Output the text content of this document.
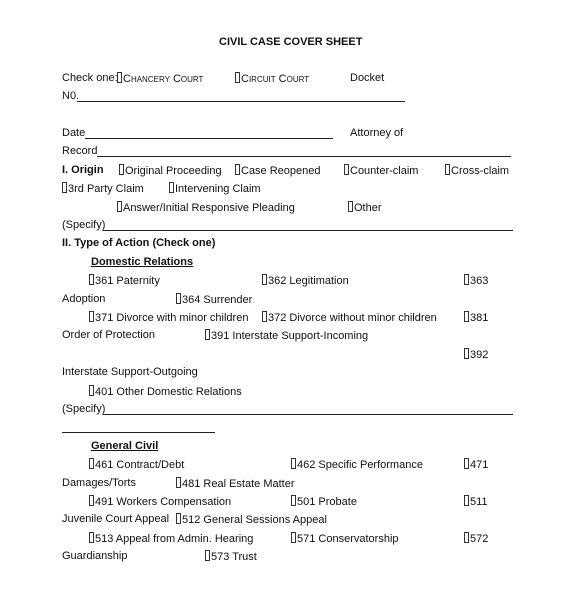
CIVIL CASE COVER SHEET
Check one: Chancery Court	Circuit Court	Docket
N0.
Date	Attorney of
Record
I. Origin	Original Proceeding	Case Reopened	Counter-claim	Cross-claim
3rd Party Claim	Intervening Claim
Answer/Initial Responsive Pleading	Other
(Specify)
II. Type of Action (Check one)
Domestic Relations
361 Paternity	362 Legitimation	363
Adoption	364 Surrender
371 Divorce with minor children	372 Divorce without minor children	381
Order of Protection	391 Interstate Support-Incoming
392
Interstate Support-Outgoing
401 Other Domestic Relations
(Specify)
General Civil
461 Contract/Debt	462 Specific Performance	471
Damages/Torts	481 Real Estate Matter
491 Workers Compensation	501 Probate	511
Juvenile Court Appeal	512 General Sessions Appeal
513 Appeal from Admin. Hearing	571 Conservatorship	572
Guardianship	573 Trust
